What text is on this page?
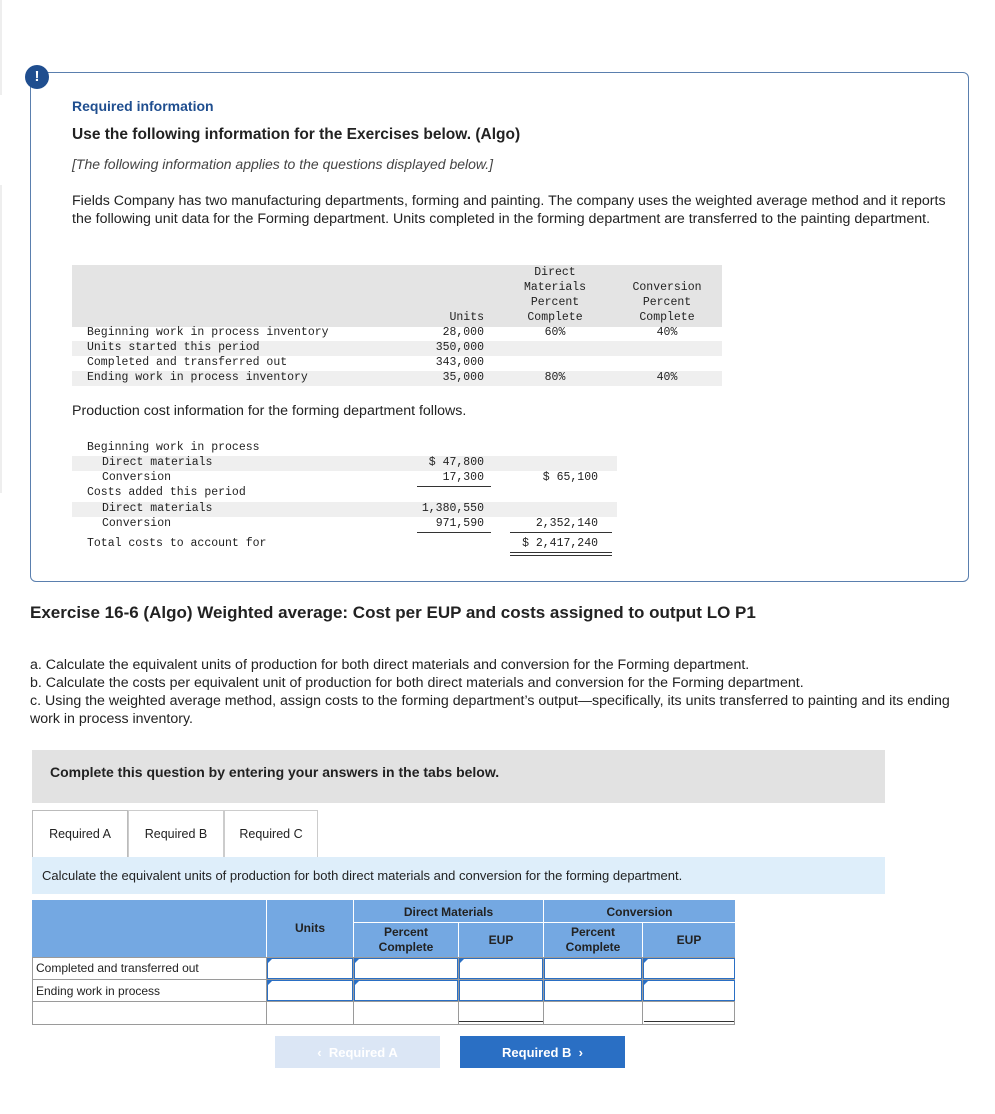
!
Required information
Use the following information for the Exercises below. (Algo)
[The following information applies to the questions displayed below.]
Fields Company has two manufacturing departments, forming and painting. The company uses the weighted average method and it reports the following unit data for the Forming department. Units completed in the forming department are transferred to the painting department.
Direct
Materials
Percent
Complete
Conversion
Percent
Complete
Units
Beginning work in process inventory	28,000	60%	40%
Units started this period	350,000
Completed and transferred out	343,000
Ending work in process inventory	35,000	80%	40%
Production cost information for the forming department follows.
Beginning work in process
Direct materials	$ 47,800
Conversion	17,300	$ 65,100
Costs added this period
Direct materials	1,380,550
Conversion	971,590	2,352,140
Total costs to account for	$ 2,417,240
Exercise 16-6 (Algo) Weighted average: Cost per EUP and costs assigned to output LO P1
a. Calculate the equivalent units of production for both direct materials and conversion for the Forming department.
b. Calculate the costs per equivalent unit of production for both direct materials and conversion for the Forming department.
c. Using the weighted average method, assign costs to the forming department’s output—specifically, its units transferred to painting and its ending work in process inventory.
Complete this question by entering your answers in the tabs below.
Required A	Required B	Required C
Calculate the equivalent units of production for both direct materials and conversion for the forming department.
Units
Direct Materials
Percent Complete	EUP
Conversion
Percent Complete	EUP
Completed and transferred out
Ending work in process
‹  Required A	Required B  ›
